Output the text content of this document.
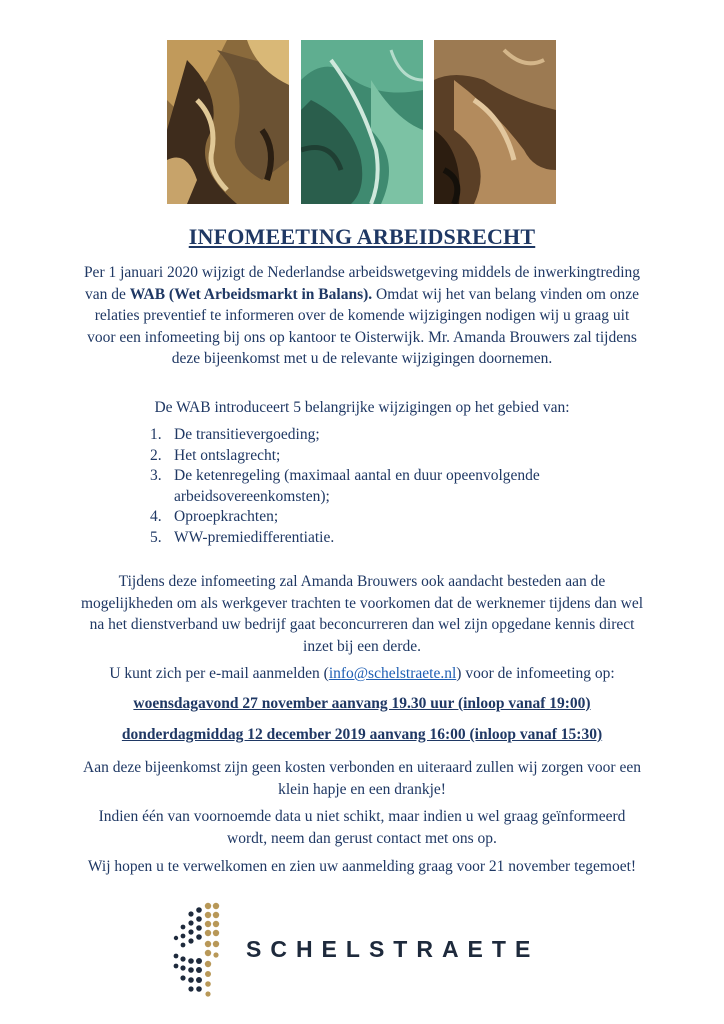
INFOMEETING ARBEIDSRECHT

Per 1 januari 2020 wijzigt de Nederlandse arbeidswetgeving middels de inwerkingtreding van de WAB (Wet Arbeidsmarkt in Balans). Omdat wij het van belang vinden om onze relaties preventief te informeren over de komende wijzigingen nodigen wij u graag uit voor een infomeeting bij ons op kantoor te Oisterwijk. Mr. Amanda Brouwers zal tijdens deze bijeenkomst met u de relevante wijzigingen doornemen.

De WAB introduceert 5 belangrijke wijzigingen op het gebied van:

1. De transitievergoeding;
2. Het ontslagrecht;
3. De ketenregeling (maximaal aantal en duur opeenvolgende arbeidsovereenkomsten);
4. Oproepkrachten;
5. WW-premiedifferentiatie.

Tijdens deze infomeeting zal Amanda Brouwers ook aandacht besteden aan de mogelijkheden om als werkgever trachten te voorkomen dat de werknemer tijdens dan wel na het dienstverband uw bedrijf gaat beconcurreren dan wel zijn opgedane kennis direct inzet bij een derde.

U kunt zich per e-mail aanmelden (info@schelstraete.nl) voor de infomeeting op:

woensdagavond 27 november aanvang 19.30 uur (inloop vanaf 19:00)
donderdagmiddag 12 december 2019 aanvang 16:00 (inloop vanaf 15:30)

Aan deze bijeenkomst zijn geen kosten verbonden en uiteraard zullen wij zorgen voor een klein hapje en een drankje!

Indien één van voornoemde data u niet schikt, maar indien u wel graag geïnformeerd wordt, neem dan gerust contact met ons op.

Wij hopen u te verwelkomen en zien uw aanmelding graag voor 21 november tegemoet!

SCHELSTRAETE
